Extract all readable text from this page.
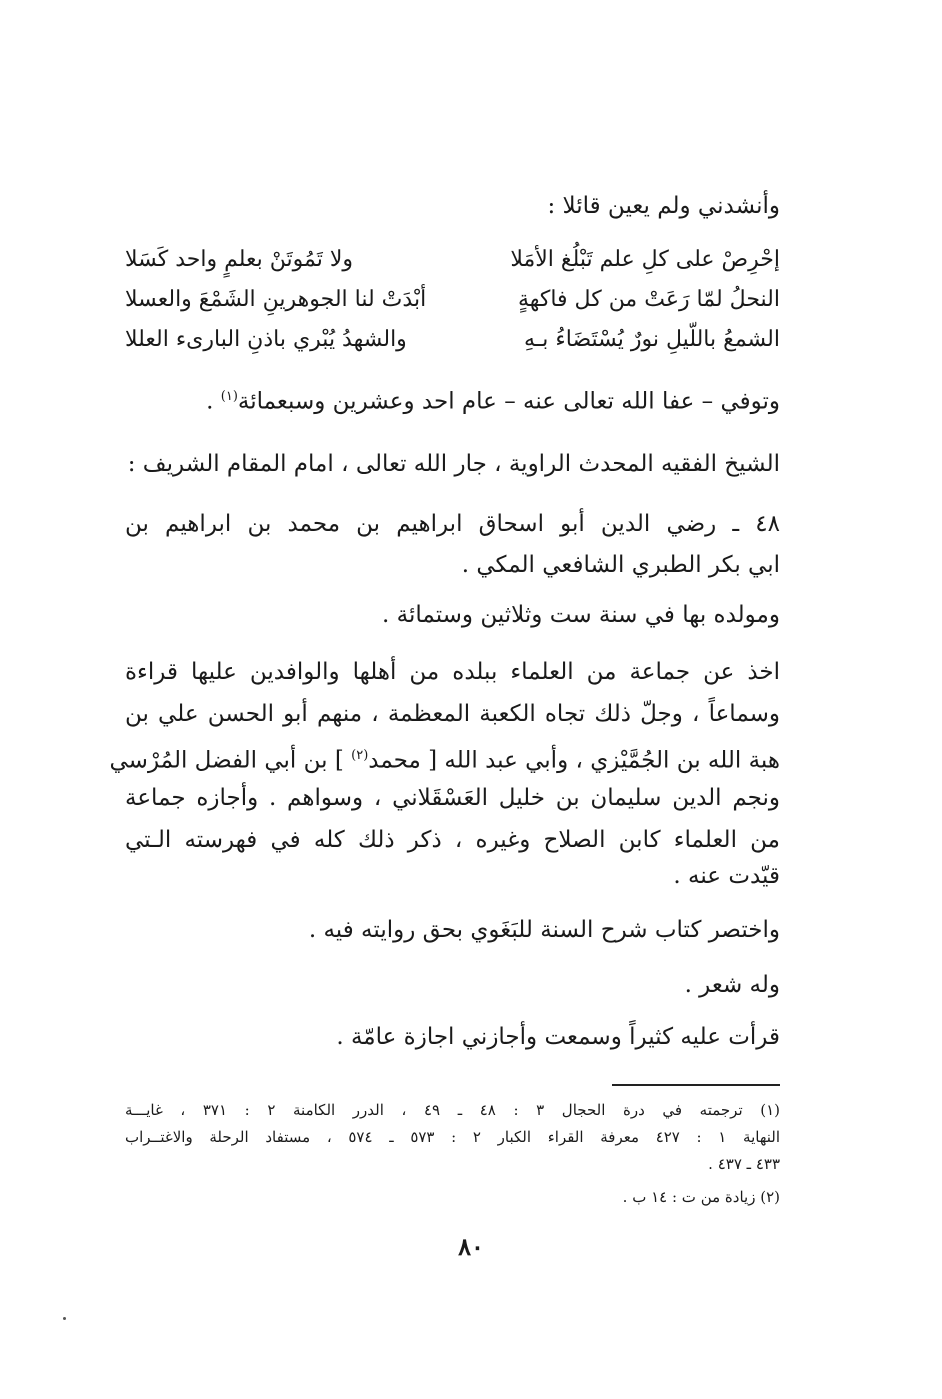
وأنشدني ولم يعين قائلا :
إحْرِصْ على كلِ علم تَبْلُغ الأمَلا
ولا تَمُوتَنْ بعلمٍ واحد كَسَلا
النحلُ لمّا رَعَتْ من كل فاكهةٍ
أبْدَتْ لنا الجوهرينِ الشَمْعَ والعسلا
الشمعُ باللّيلِ نورٌ يُسْتَضَاءُ بـهِ
والشهدُ يُبْري باذنِ البارىء العللا
وتوفي – عفا الله تعالى عنه – عام احد وعشرين وسبعمائة$^{(١)}$ .
الشيخ الفقيه المحدث الراوية ، جار الله تعالى ، امام المقام الشريف :
٤٨ ـ رضي الدين أبو اسحاق ابراهيم بن محمد بن ابراهيم بن
ابي بكر الطبري الشافعي المكي .
ومولده بها في سنة ست وثلاثين وستمائة .
اخذ عن جماعة من العلماء ببلده من أهلها والوافدين عليها قراءة
وسماعاً ، وجلّ ذلك تجاه الكعبة المعظمة ، منهم أبو الحسن علي بن
هبة الله بن الجُمَّيْزي ، وأبي عبد الله [ محمد$^{(٢)}$ ] بن أبي الفضل المُرْسي
ونجم الدين سليمان بن خليل العَسْقَلاني ، وسواهم . وأجازه جماعة
من العلماء كابن الصلاح وغيره ، ذكر ذلك كله في فهرسته الـتي
قيّدت عنه .
واختصر كتاب شرح السنة للبَغَوي بحق روايته فيه .
وله شعر .
قرأت عليه كثيراً وسمعت وأجازني اجازة عامّة .
(١) ترجمته في درة الحجال ٣ : ٤٨ ـ ٤٩ ، الدرر الكامنة ٢ : ٣٧١ ، غايـــة
النهاية ١ : ٤٢٧ معرفة القراء الكبار ٢ : ٥٧٣ ـ ٥٧٤ ، مستفاد الرحلة والاغتــراب
٤٣٣ ـ ٤٣٧ .
(٢) زيادة من ت : ١٤ ب .
٨٠
